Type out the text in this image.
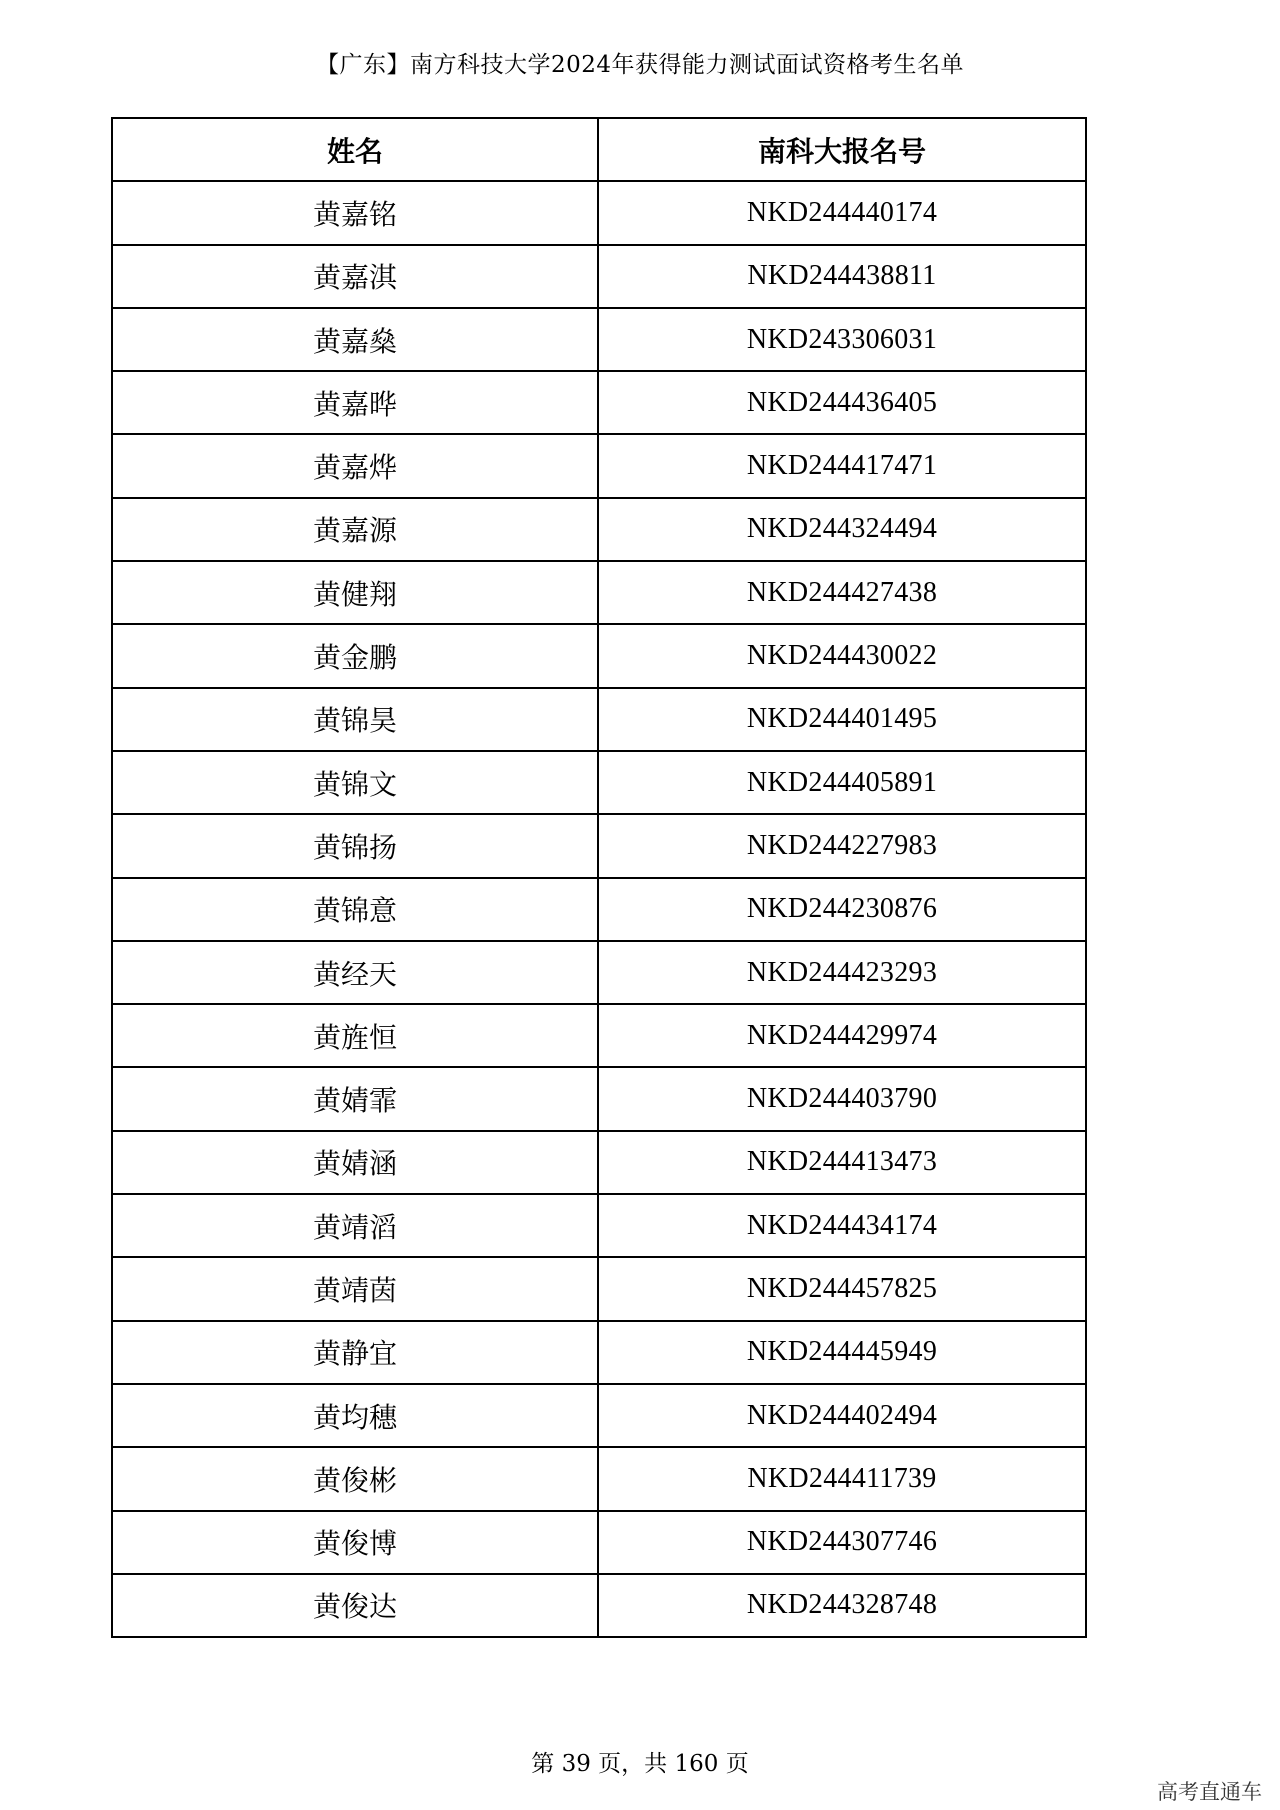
【广东】南方科技大学2024年获得能力测试面试资格考生名单
姓名	南科大报名号
黄嘉铭	NKD244440174
黄嘉淇	NKD244438811
黄嘉燊	NKD243306031
黄嘉晔	NKD244436405
黄嘉烨	NKD244417471
黄嘉源	NKD244324494
黄健翔	NKD244427438
黄金鹏	NKD244430022
黄锦昊	NKD244401495
黄锦文	NKD244405891
黄锦扬	NKD244227983
黄锦意	NKD244230876
黄经天	NKD244423293
黄旌恒	NKD244429974
黄婧霏	NKD244403790
黄婧涵	NKD244413473
黄靖滔	NKD244434174
黄靖茵	NKD244457825
黄静宜	NKD244445949
黄均穗	NKD244402494
黄俊彬	NKD244411739
黄俊博	NKD244307746
黄俊达	NKD244328748
第 39 页，共 160 页
高考直通车
